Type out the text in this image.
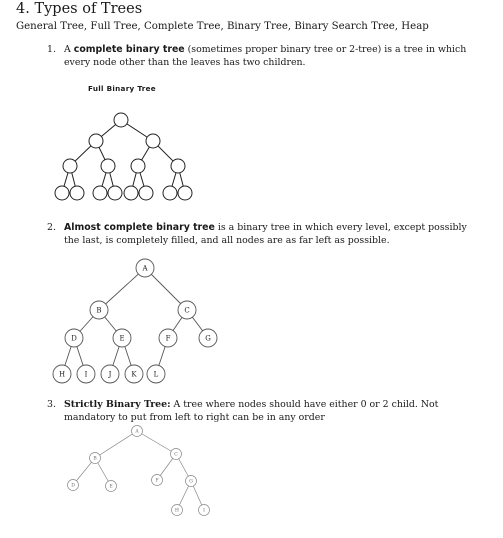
4. Types of Trees
General Tree, Full Tree, Complete Tree, Binary Tree, Binary Search Tree, Heap
1. A complete binary tree (sometimes proper binary tree or 2-tree) is a tree in which every node other than the leaves has two children.
Full Binary Tree
A
B	C
D	E	F	G
H	I	J	K L
A
B
C
D	E
F	G
H	I
2. Almost complete binary tree is a binary tree in which every level, except possibly the last, is completely filled, and all nodes are as far left as possible.
3. Strictly Binary Tree: A tree where nodes should have either 0 or 2 child. Not mandatory to put from left to right can be in any order
